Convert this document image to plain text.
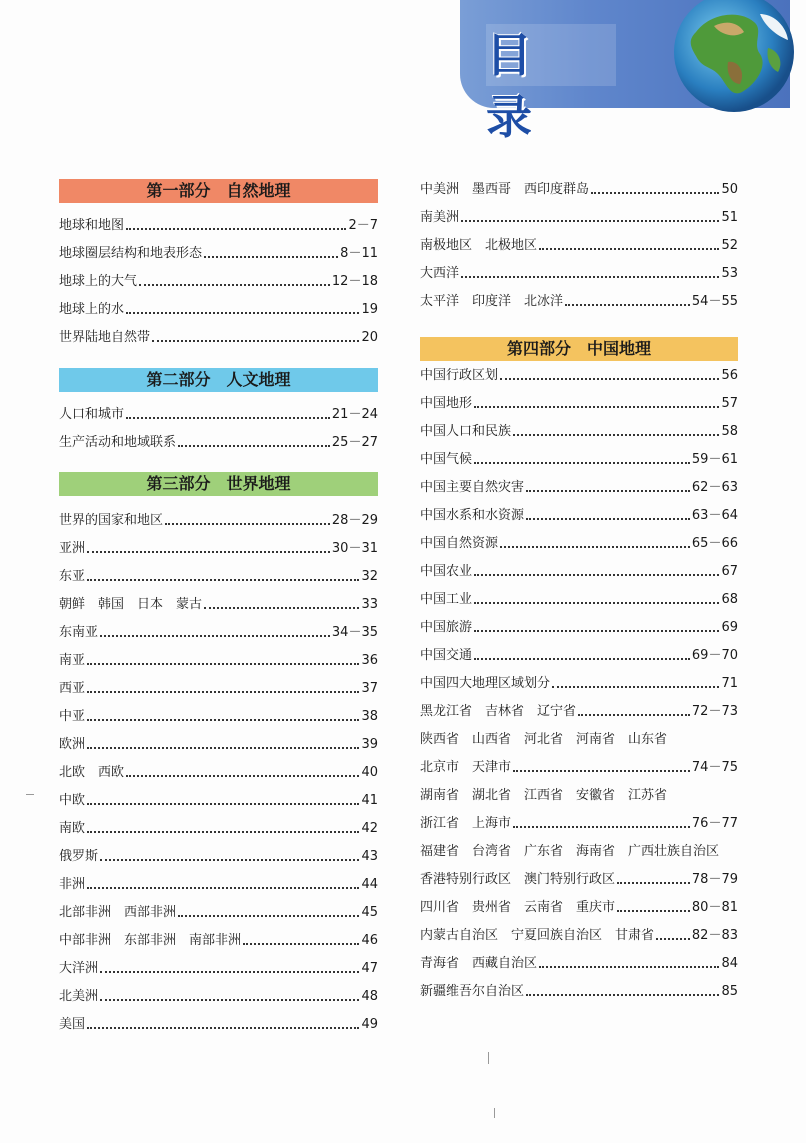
目 录
第一部分　自然地理
第二部分　人文地理
第三部分　世界地理
第四部分　中国地理
地球和地图	2－7
地球圈层结构和地表形态	8－11
地球上的大气	12－18
地球上的水	19
世界陆地自然带	20
人口和城市	21－24
生产活动和地域联系	25－27
世界的国家和地区	28－29
亚洲	30－31
东亚	32
朝鲜　韩国　日本　蒙古	33
东南亚	34－35
南亚	36
西亚	37
中亚	38
欧洲	39
北欧　西欧	40
中欧	41
南欧	42
俄罗斯	43
非洲	44
北部非洲　西部非洲	45
中部非洲　东部非洲　南部非洲	46
大洋洲	47
北美洲	48
美国	49
中美洲　墨西哥　西印度群岛	50
南美洲	51
南极地区　北极地区	52
大西洋	53
太平洋　印度洋　北冰洋	54－55
中国行政区划	56
中国地形	57
中国人口和民族	58
中国气候	59－61
中国主要自然灾害	62－63
中国水系和水资源	63－64
中国自然资源	65－66
中国农业	67
中国工业	68
中国旅游	69
中国交通	69－70
中国四大地理区域划分	71
黑龙江省　吉林省　辽宁省	72－73
陕西省　山西省　河北省　河南省　山东省
北京市　天津市	74－75
湖南省　湖北省　江西省　安徽省　江苏省
浙江省　上海市	76－77
福建省　台湾省　广东省　海南省　广西壮族自治区
香港特别行政区　澳门特别行政区	78－79
四川省　贵州省　云南省　重庆市	80－81
内蒙古自治区　宁夏回族自治区　甘肃省	82－83
青海省　西藏自治区	84
新疆维吾尔自治区	85
